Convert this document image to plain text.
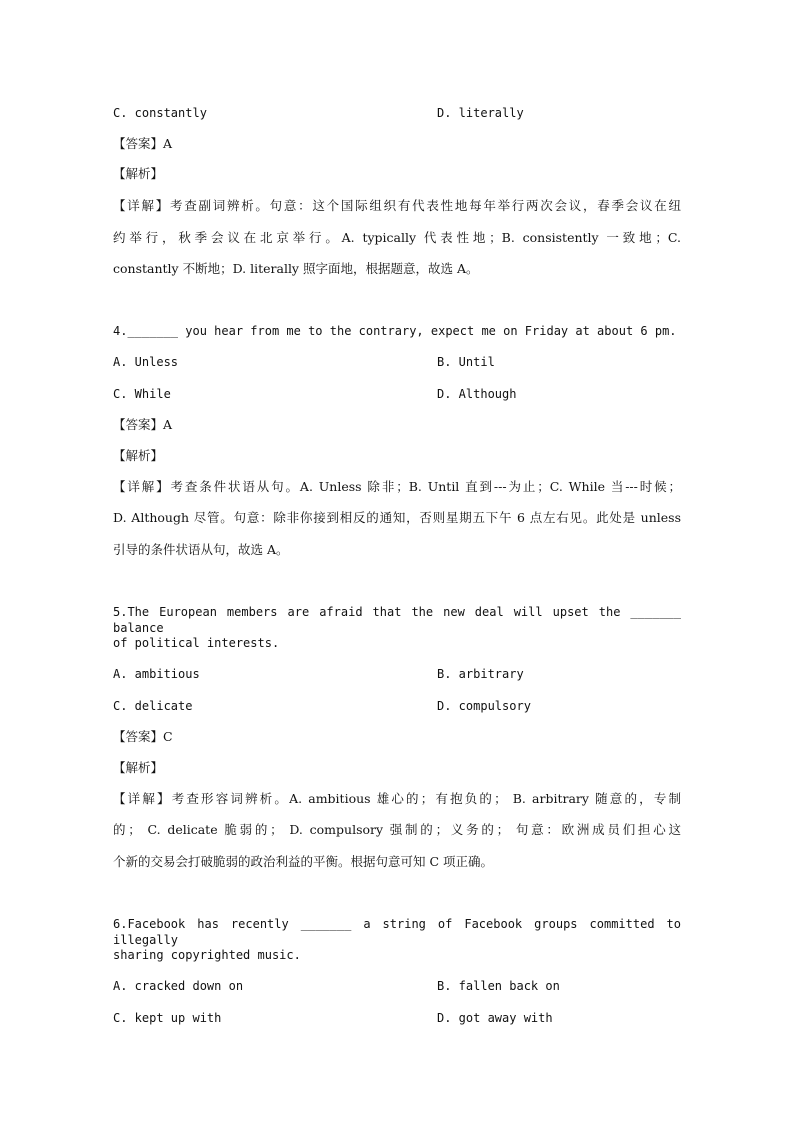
C. constantly	D. literally
【答案】A
【解析】
【详解】考查副词辨析。句意：这个国际组织有代表性地每年举行两次会议，春季会议在纽
约举行，秋季会议在北京举行。A. typically 代表性地；B. consistently 一致地；C.
constantly 不断地；D. literally 照字面地，根据题意，故选 A。
4._______ you hear from me to the contrary, expect me on Friday at about 6 pm.
A. Unless	B. Until
C. While	D. Although
【答案】A
【解析】
【详解】考查条件状语从句。A. Unless 除非；B. Until 直到---为止；C. While 当---时候；
D. Although 尽管。句意：除非你接到相反的通知，否则星期五下午 6 点左右见。此处是 unless
引导的条件状语从句，故选 A。
5.The European members are afraid that the new deal will upset the _______ balance
of political interests.
A. ambitious	B. arbitrary
C. delicate	D. compulsory
【答案】C
【解析】
【详解】考查形容词辨析。A. ambitious 雄心的；有抱负的； B. arbitrary 随意的，专制
的； C. delicate 脆弱的； D. compulsory 强制的；义务的； 句意：欧洲成员们担心这
个新的交易会打破脆弱的政治利益的平衡。根据句意可知 C 项正确。
6.Facebook has recently _______ a string of Facebook groups committed to illegally
sharing copyrighted music.
A. cracked down on	B. fallen back on
C. kept up with	D. got away with
